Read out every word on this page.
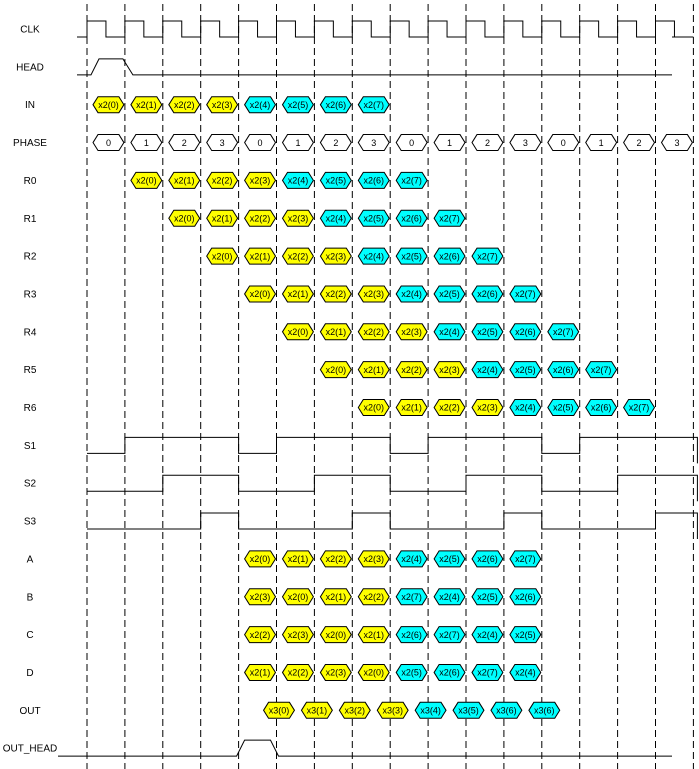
CLK
HEAD
IN	x2(0) x2(1) x2(2) x2(3) x2(4) x2(5) x2(6) x2(7)
PHASE	0	1	2	3	0	1	2	3	0	1	2	3	0	1	2	3
R0	x2(0) x2(1) x2(2) x2(3) x2(4) x2(5) x2(6) x2(7)
R1	x2(0) x2(1) x2(2) x2(3) x2(4) x2(5) x2(6) x2(7)
R2	x2(0) x2(1) x2(2) x2(3) x2(4) x2(5) x2(6) x2(7)
R3	x2(0) x2(1) x2(2) x2(3) x2(4) x2(5) x2(6) x2(7)
R4	x2(0) x2(1) x2(2) x2(3) x2(4) x2(5) x2(6) x2(7)
R5	x2(0) x2(1) x2(2) x2(3) x2(4) x2(5) x2(6) x2(7)
R6	x2(0) x2(1) x2(2) x2(3) x2(4) x2(5) x2(6) x2(7)
S1
S2
S3
A	x2(0) x2(1) x2(2) x2(3) x2(4) x2(5) x2(6) x2(7)
B	x2(3) x2(0) x2(1) x2(2) x2(7) x2(4) x2(5) x2(6)
C	x2(2) x2(3) x2(0) x2(1) x2(6) x2(7) x2(4) x2(5)
D	x2(1) x2(2) x2(3) x2(0) x2(5) x2(6) x2(7) x2(4)
OUT	x3(0) x3(1) x3(2) x3(3) x3(4) x3(5) x3(6) x3(6)
OUT_HEAD
